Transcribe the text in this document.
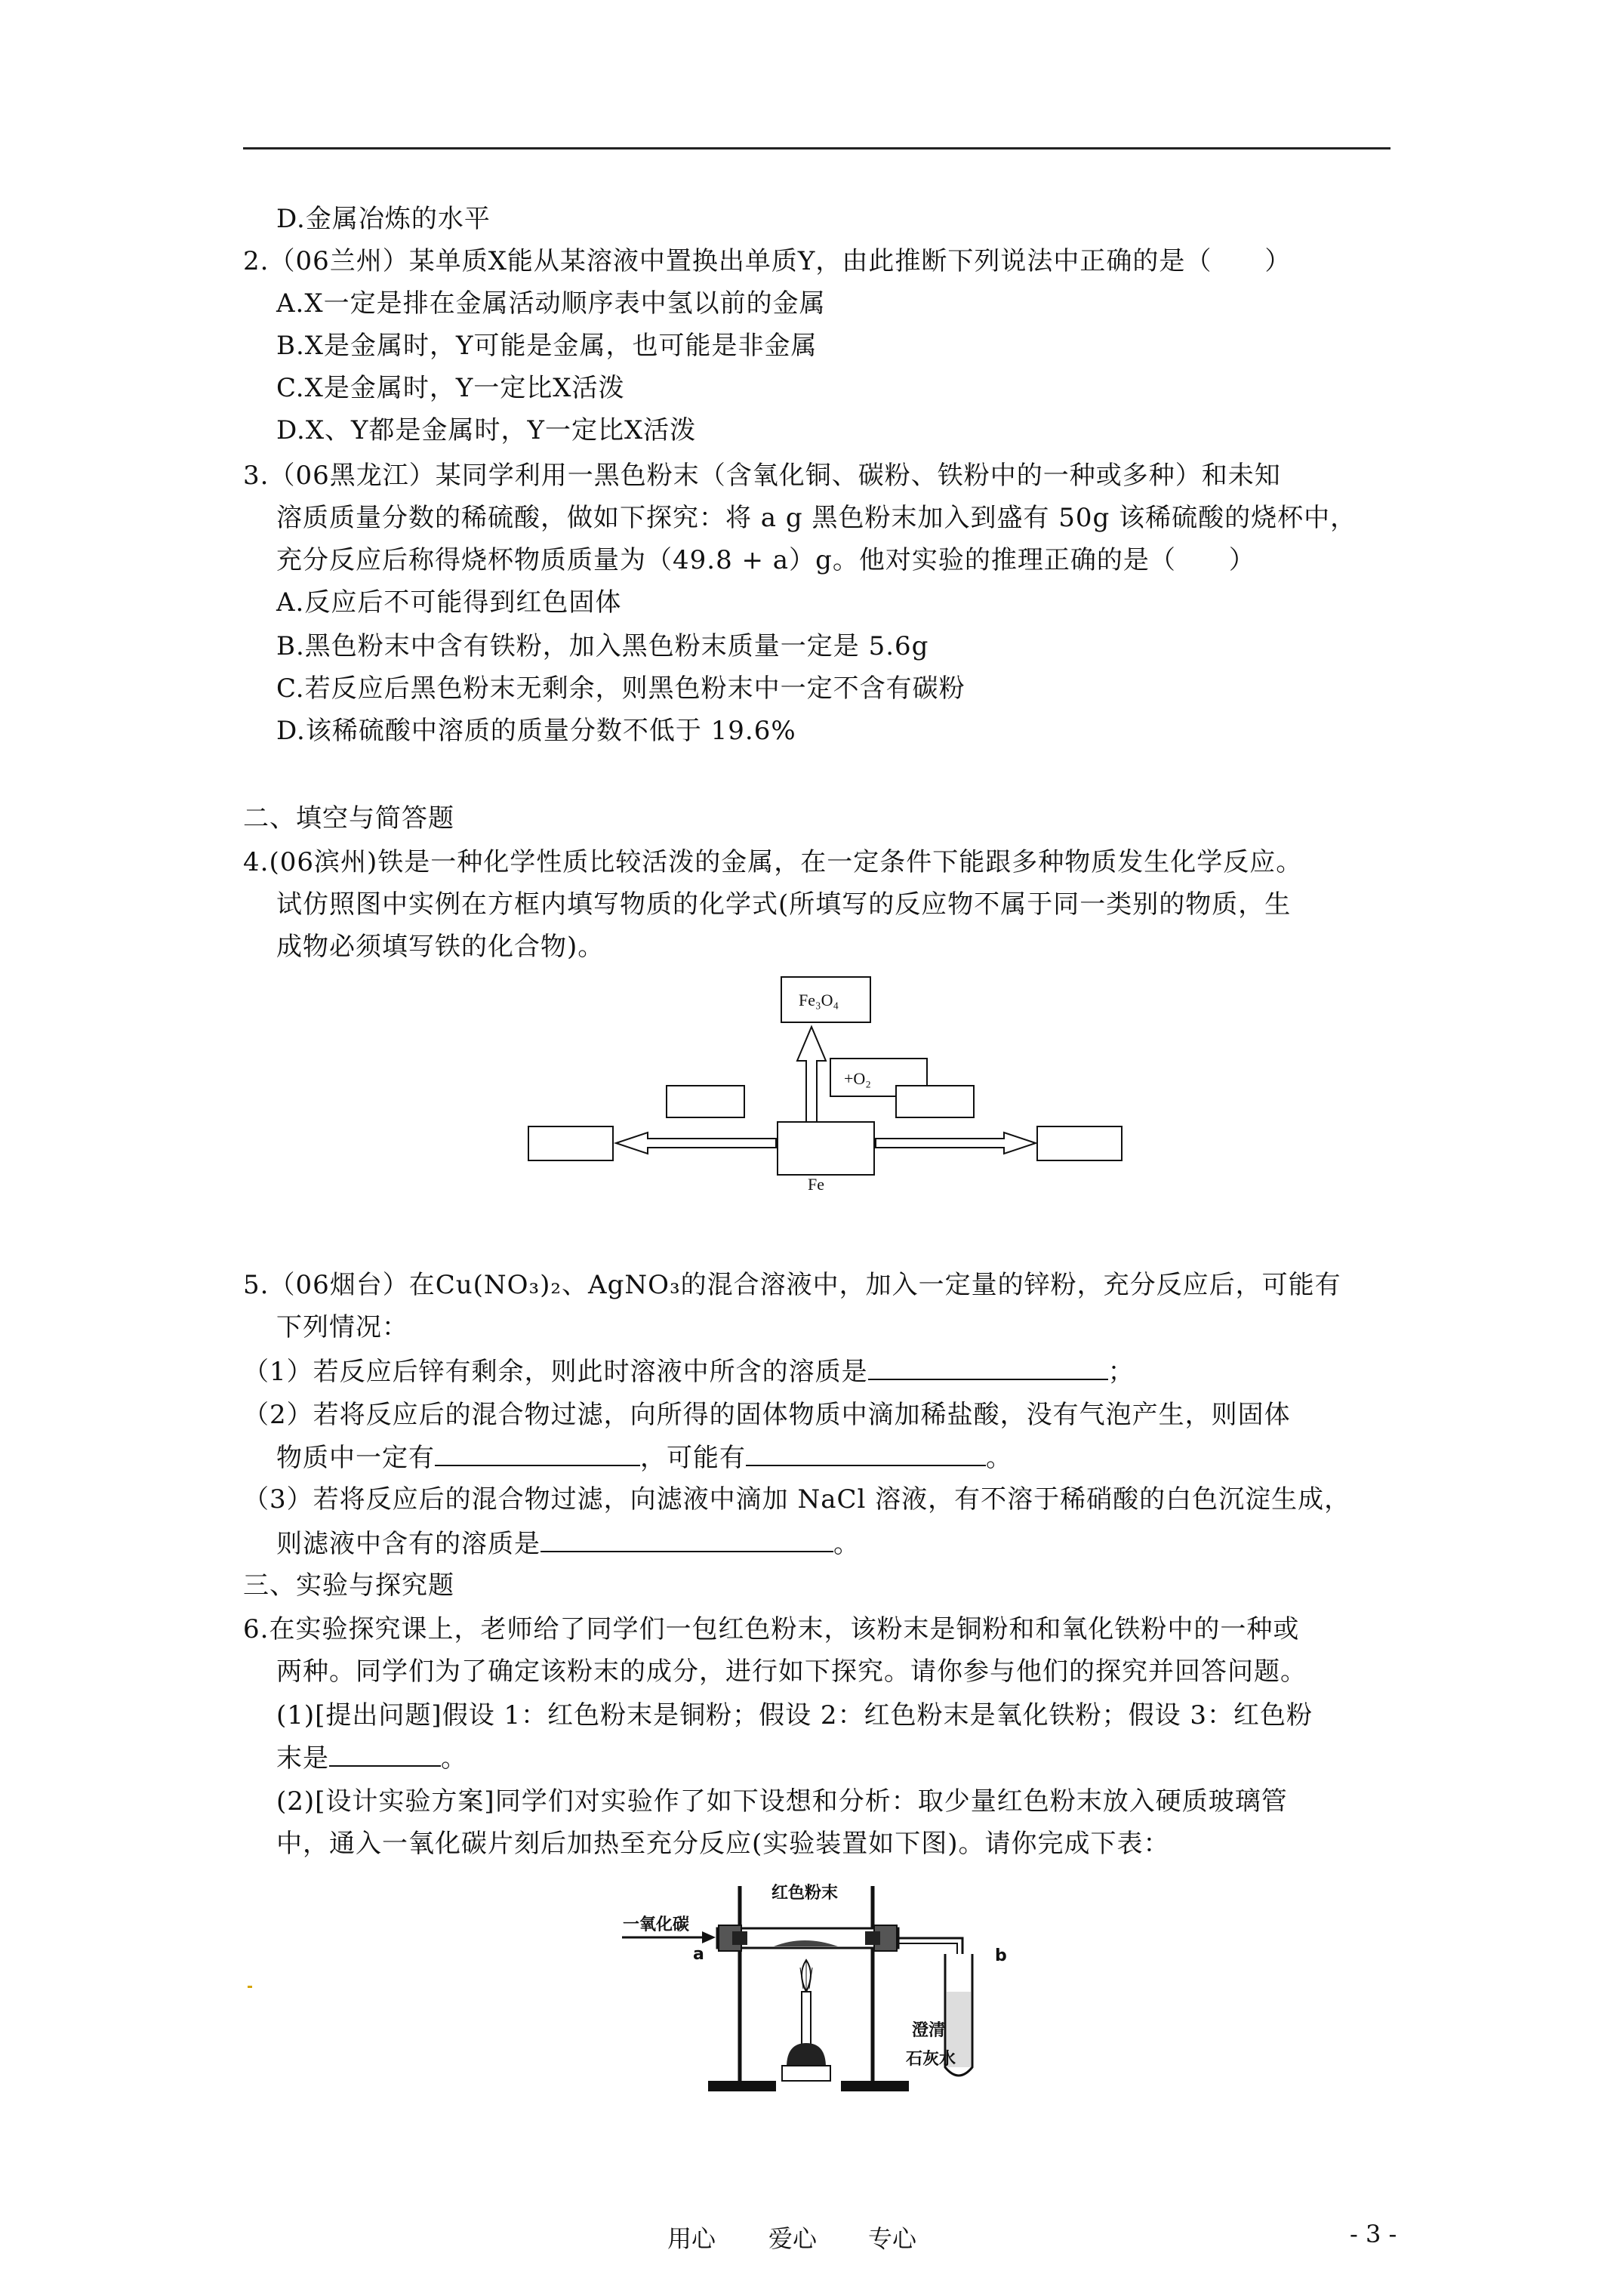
D.金属冶炼的水平
2.（06兰州）某单质X能从某溶液中置换出单质Y，由此推断下列说法中正确的是（　　）
A.X一定是排在金属活动顺序表中氢以前的金属
B.X是金属时，Y可能是金属，也可能是非金属
C.X是金属时，Y一定比X活泼
D.X、Y都是金属时，Y一定比X活泼
3.（06黑龙江）某同学利用一黑色粉末（含氧化铜、碳粉、铁粉中的一种或多种）和未知
溶质质量分数的稀硫酸，做如下探究：将 a g 黑色粉末加入到盛有 50g 该稀硫酸的烧杯中，
充分反应后称得烧杯物质质量为（49.8 + a）g。他对实验的推理正确的是（　　）
A.反应后不可能得到红色固体
B.黑色粉末中含有铁粉，加入黑色粉末质量一定是 5.6g
C.若反应后黑色粉末无剩余，则黑色粉末中一定不含有碳粉
D.该稀硫酸中溶质的质量分数不低于 19.6%
二、填空与简答题
4.(06滨州)铁是一种化学性质比较活泼的金属，在一定条件下能跟多种物质发生化学反应。
试仿照图中实例在方框内填写物质的化学式(所填写的反应物不属于同一类别的物质，生
成物必须填写铁的化合物)。
Fe₃O₄
+O₂
Fe
5.（06烟台）在Cu(NO₃)₂、AgNO₃的混合溶液中，加入一定量的锌粉，充分反应后，可能有
下列情况：
（1）若反应后锌有剩余，则此时溶液中所含的溶质是	；
（2）若将反应后的混合物过滤，向所得的固体物质中滴加稀盐酸，没有气泡产生，则固体
物质中一定有	，可能有	。
（3）若将反应后的混合物过滤，向滤液中滴加 NaCl 溶液，有不溶于稀硝酸的白色沉淀生成，
则滤液中含有的溶质是	。
三、实验与探究题
6.在实验探究课上，老师给了同学们一包红色粉末，该粉末是铜粉和和氧化铁粉中的一种或
两种。同学们为了确定该粉末的成分，进行如下探究。请你参与他们的探究并回答问题。
(1)[提出问题]假设 1：红色粉末是铜粉；假设 2：红色粉末是氧化铁粉；假设 3：红色粉
末是	。
(2)[设计实验方案]同学们对实验作了如下设想和分析：取少量红色粉末放入硬质玻璃管
中，通入一氧化碳片刻后加热至充分反应(实验装置如下图)。请你完成下表：
一氧化碳
红色粉末
a	b
澄清
石灰水
用心 爱心 专心	- 3 -
